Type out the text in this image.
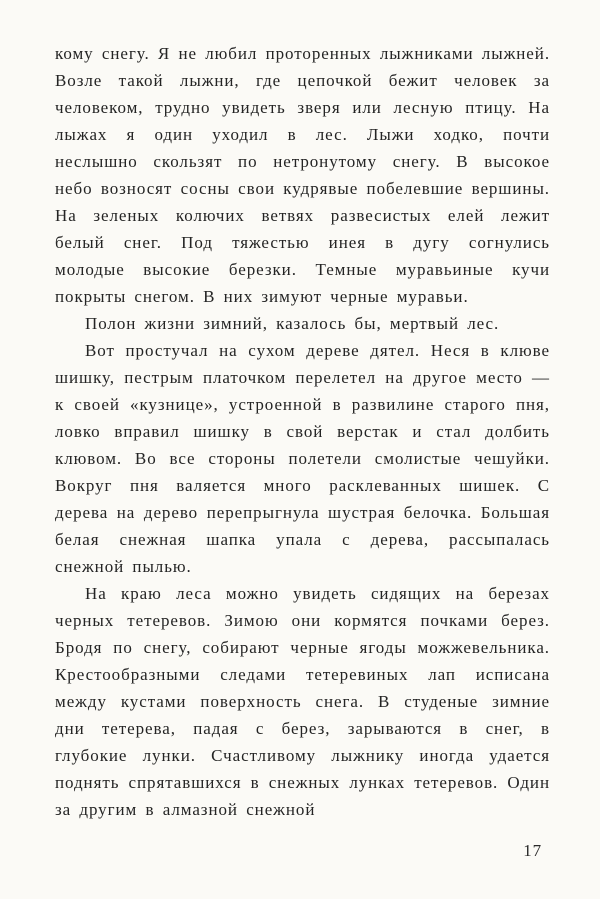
кому снегу. Я не любил проторенных лыжниками лыжней. Возле такой лыжни, где цепочкой бежит человек за человеком, трудно увидеть зверя или лесную птицу. На лыжах я один уходил в лес. Лыжи ходко, почти неслышно скользят по нетронутому снегу. В высокое небо возносят сосны свои кудрявые побелевшие вершины. На зеленых колючих ветвях развесистых елей лежит белый снег. Под тяжестью инея в дугу согнулись молодые высокие березки. Темные муравьиные кучи покрыты снегом. В них зимуют черные муравьи.

Полон жизни зимний, казалось бы, мертвый лес.

Вот простучал на сухом дереве дятел. Неся в клюве шишку, пестрым платочком перелетел на другое место — к своей «кузнице», устроенной в развилине старого пня, ловко вправил шишку в свой верстак и стал долбить клювом. Во все стороны полетели смолистые чешуйки. Вокруг пня валяется много расклеванных шишек. С дерева на дерево перепрыгнула шустрая белочка. Большая белая снежная шапка упала с дерева, рассыпалась снежной пылью.

На краю леса можно увидеть сидящих на березах черных тетеревов. Зимою они кормятся почками берез. Бродя по снегу, собирают черные ягоды можжевельника. Крестообразными следами тетеревиных лап исписана между кустами поверхность снега. В студеные зимние дни тетерева, падая с берез, зарываются в снег, в глубокие лунки. Счастливому лыжнику иногда удается поднять спрятавшихся в снежных лунках тетеревов. Один за другим в алмазной снежной

17
